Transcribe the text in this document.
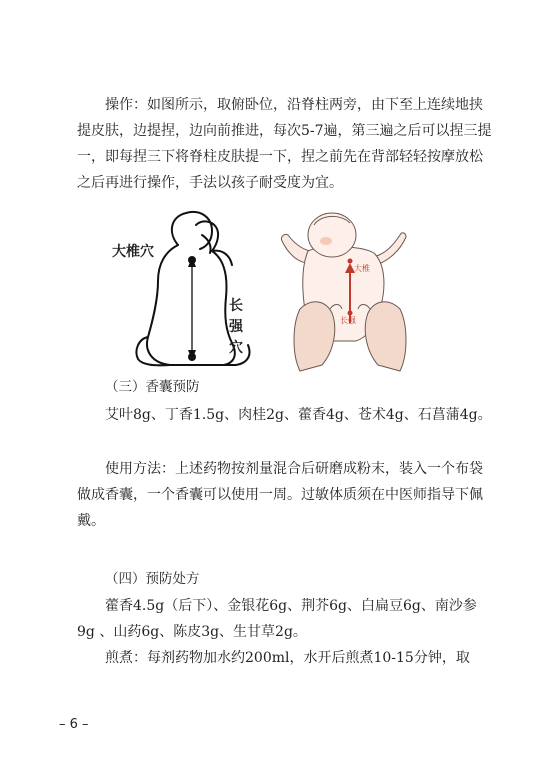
操作：如图所示，取俯卧位，沿脊柱两旁，由下至上连续地挟提皮肤，边提捏，边向前推进，每次5-7遍，第三遍之后可以捏三提一，即每捏三下将脊柱皮肤提一下，捏之前先在背部轻轻按摩放松之后再进行操作，手法以孩子耐受度为宜。

大椎穴
长
强
穴
大椎
长强

（三）香囊预防

艾叶8g、丁香1.5g、肉桂2g、藿香4g、苍术4g、石菖蒲4g。

使用方法：上述药物按剂量混合后研磨成粉末，装入一个布袋做成香囊，一个香囊可以使用一周。过敏体质须在中医师指导下佩戴。

（四）预防处方

藿香4.5g（后下）、金银花6g、荆芥6g、白扁豆6g、南沙参9g 、山药6g、陈皮3g、生甘草2g。

煎煮：每剂药物加水约200ml，水开后煎煮10-15分钟，取

– 6 –
